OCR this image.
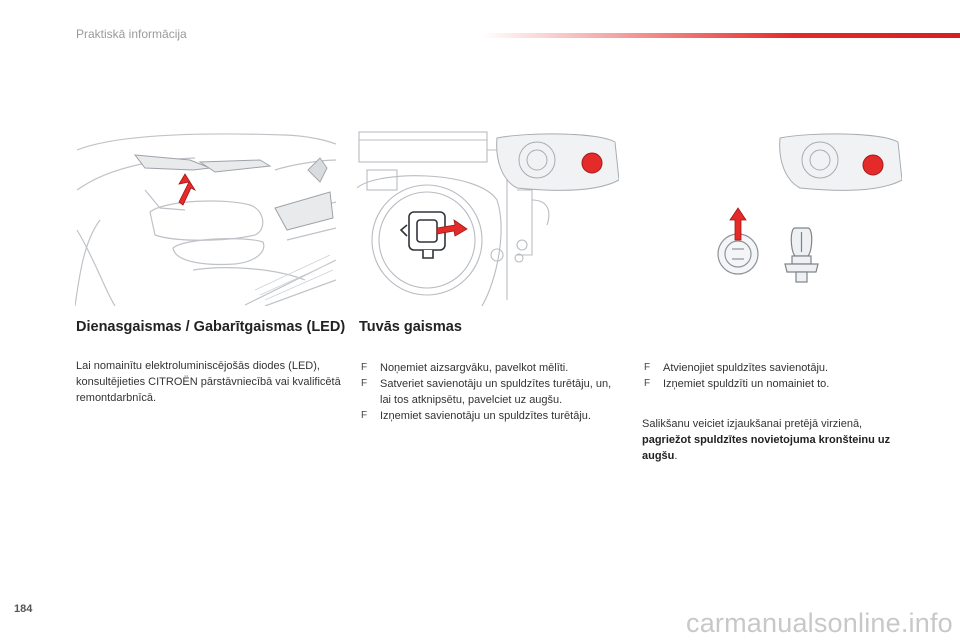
Praktiskā informācija
Dienasgaismas / Gabarītgaismas (LED)

Lai nomainītu elektroluminiscējošās diodes (LED), konsultējieties CITROËN pārstāvniecībā vai kvalificētā remontdarbnīcā.

Tuvās gaismas
F Noņemiet aizsargvāku, pavelkot mēlīti.
F Satveriet savienotāju un spuldzītes turētāju, un, lai tos atknipsētu, pavelciet uz augšu.
F Izņemiet savienotāju un spuldzītes turētāju.
F Atvienojiet spuldzītes savienotāju.
F Izņemiet spuldzīti un nomainiet to.

Salikšanu veiciet izjaukšanai pretējā virzienā, pagriežot spuldzītes novietojuma kronšteinu uz augšu.

184	carmanualsonline.info
